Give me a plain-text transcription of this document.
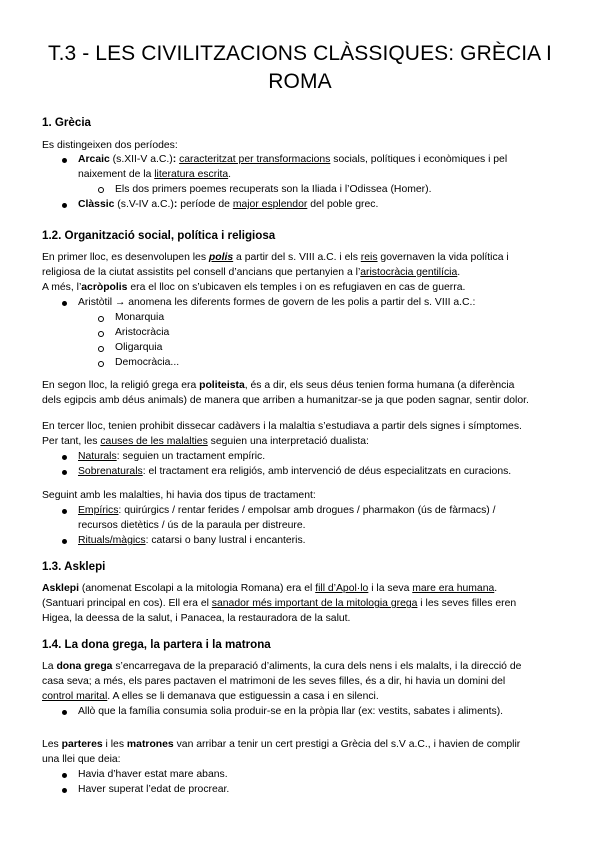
T.3 - LES CIVILITZACIONS CLÀSSIQUES: GRÈCIA I
ROMA
1. Grècia
Es distingeixen dos períodes:
Arcaic (s.XII-V a.C.): caracteritzat per transformacions socials, polítiques i econòmiques i pel
naixement de la literatura escrita.
Els dos primers poemes recuperats son la Iliada i l’Odissea (Homer).
Clàssic (s.V-IV a.C.): període de major esplendor del poble grec.
1.2. Organització social, política i religiosa
En primer lloc, es desenvolupen les polis a partir del s. VIII a.C. i els reis governaven la vida política i
religiosa de la ciutat assistits pel consell d’ancians que pertanyien a l’aristocràcia gentilícia.
A més, l’acròpolis era el lloc on s’ubicaven els temples i on es refugiaven en cas de guerra.
Aristòtil → anomena les diferents formes de govern de les polis a partir del s. VIII a.C.:
Monarquia
Aristocràcia
Oligarquia
Democràcia...
En segon lloc, la religió grega era politeista, és a dir, els seus déus tenien forma humana (a diferència
dels egipcis amb déus animals) de manera que arriben a humanitzar-se ja que poden sagnar, sentir dolor.
En tercer lloc, tenien prohibit dissecar cadàvers i la malaltia s’estudiava a partir dels signes i símptomes.
Per tant, les causes de les malalties seguien una interpretació dualista:
Naturals: seguien un tractament empíric.
Sobrenaturals: el tractament era religiós, amb intervenció de déus especialitzats en curacions.
Seguint amb les malalties, hi havia dos tipus de tractament:
Empírics: quirúrgics / rentar ferides / empolsar amb drogues / pharmakon (ús de fàrmacs) /
recursos dietètics / ús de la paraula per distreure.
Rituals/màgics: catarsi o bany lustral i encanteris.
1.3. Asklepi
Asklepi (anomenat Escolapi a la mitologia Romana) era el fill d’Apol·lo i la seva mare era humana.
(Santuari principal en cos). Ell era el sanador més important de la mitologia grega i les seves filles eren
Higea, la deessa de la salut, i Panacea, la restauradora de la salut.
1.4. La dona grega, la partera i la matrona
La dona grega s’encarregava de la preparació d’aliments, la cura dels nens i els malalts, i la direcció de
casa seva; a més, els pares pactaven el matrimoni de les seves filles, és a dir, hi havia un domini del
control marital. A elles se li demanava que estiguessin a casa i en silenci.
Allò que la família consumia solia produir-se en la pròpia llar (ex: vestits, sabates i aliments).
Les parteres i les matrones van arribar a tenir un cert prestigi a Grècia del s.V a.C., i havien de complir
una llei que deia:
Havia d’haver estat mare abans.
Haver superat l’edat de procrear.
